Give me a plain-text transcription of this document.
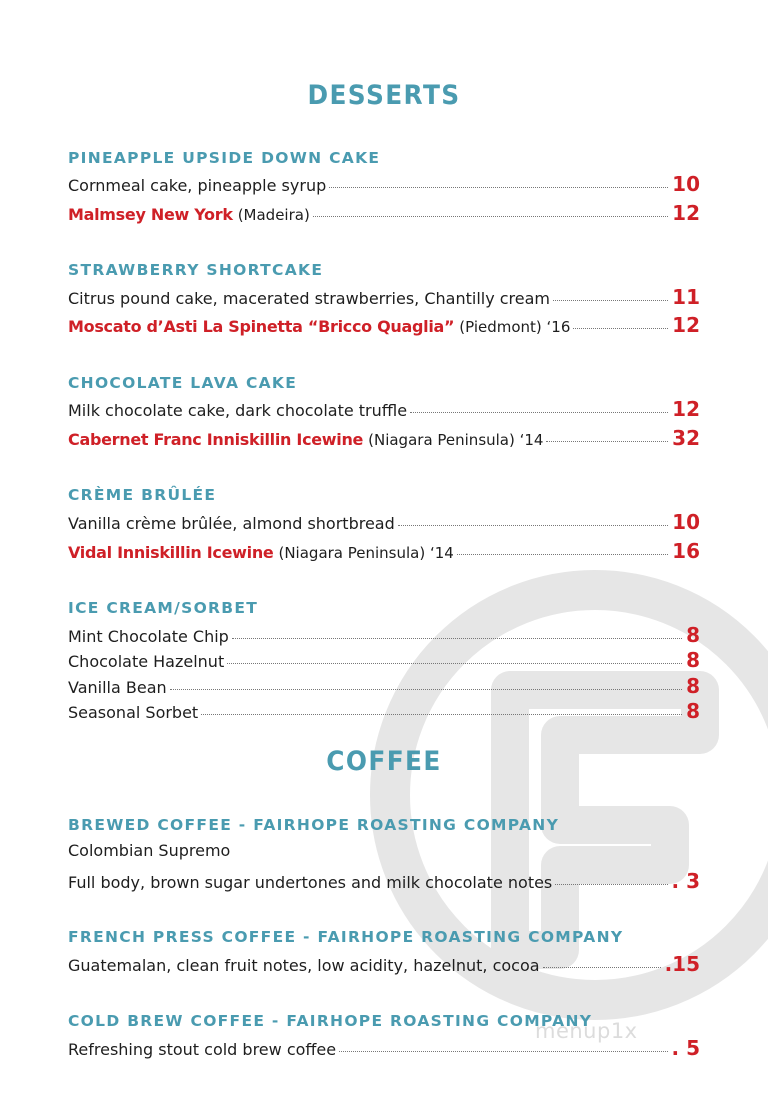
menup1x
DESSERTS
PINEAPPLE UPSIDE DOWN CAKE
Cornmeal cake, pineapple syrup	10
Malmsey New York (Madeira)	12
STRAWBERRY SHORTCAKE
Citrus pound cake, macerated strawberries, Chantilly cream	11
Moscato d’Asti La Spinetta “Bricco Quaglia” (Piedmont) ‘16	12
CHOCOLATE LAVA CAKE
Milk chocolate cake, dark chocolate truffle	12
Cabernet Franc Inniskillin Icewine (Niagara Peninsula) ‘14	32
CRÈME BRÛLÉE
Vanilla crème brûlée, almond shortbread	10
Vidal Inniskillin Icewine (Niagara Peninsula) ‘14	16
ICE CREAM/SORBET
Mint Chocolate Chip	8
Chocolate Hazelnut	8
Vanilla Bean	8
Seasonal Sorbet	8
COFFEE
BREWED COFFEE - FAIRHOPE ROASTING COMPANY
Colombian Supremo
Full body, brown sugar undertones and milk chocolate notes	. 3
FRENCH PRESS COFFEE - FAIRHOPE ROASTING COMPANY
Guatemalan, clean fruit notes, low acidity, hazelnut, cocoa	.15
COLD BREW COFFEE - FAIRHOPE ROASTING COMPANY
Refreshing stout cold brew coffee	. 5
